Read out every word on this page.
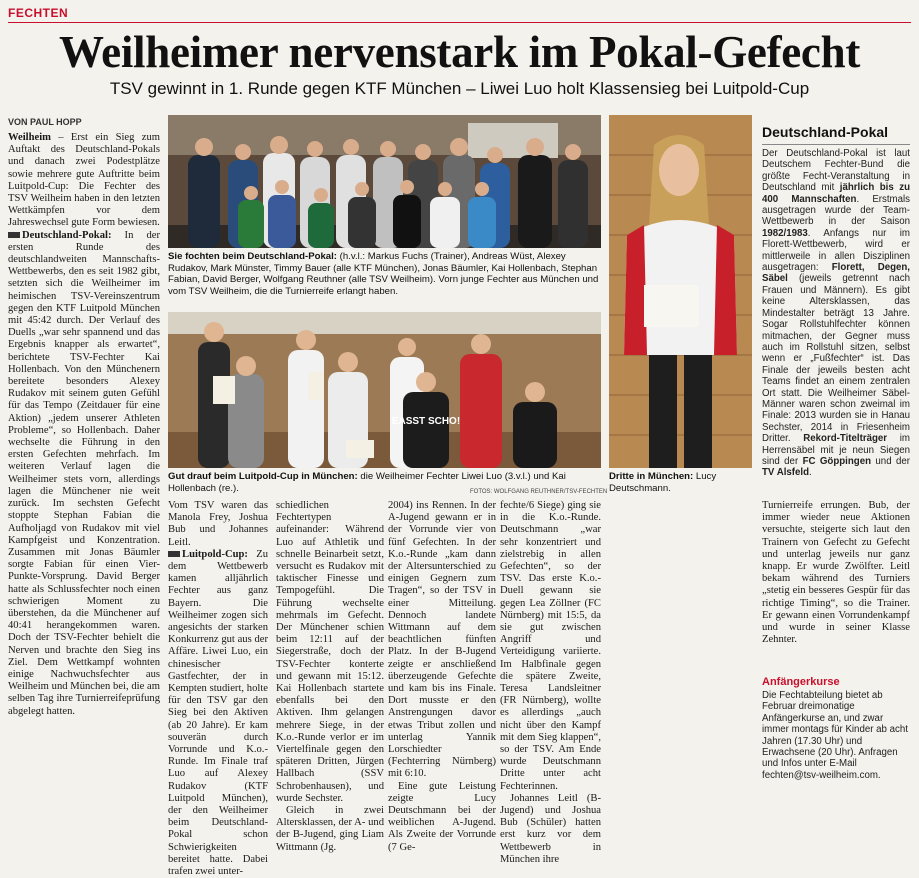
FECHTEN
Weilheimer nervenstark im Pokal-Gefecht
TSV gewinnt in 1. Runde gegen KTF München – Liwei Luo holt Klassensieg bei Luitpold-Cup
VON PAUL HOPP

Weilheim – Erst ein Sieg zum Auftakt des Deutschland-Pokals und danach zwei Podestplätze sowie mehrere gute Auftritte beim Luitpold-Cup: Die Fechter des TSV Weilheim haben in den letzten Wettkämpfen vor dem Jahreswechsel gute Form bewiesen.

Deutschland-Pokal: In der ersten Runde des deutschlandweiten Mannschafts-Wettbewerbs, den es seit 1982 gibt, setzten sich die Weilheimer im heimischen TSV-Vereinszentrum gegen den KTF Luitpold München mit 45:42 durch. Der Verlauf des Duells „war sehr spannend und das Ergebnis knapper als erwartet“, berichtete TSV-Fechter Kai Hollenbach. Von den Münchenern bereitete besonders Alexey Rudakov mit seinem guten Gefühl für das Tempo (Zeitdauer für eine Aktion) „jedem unserer Athleten Probleme“, so Hollenbach. Daher wechselte die Führung in den ersten Gefechten mehrfach. Im weiteren Verlauf lagen die Weilheimer stets vorn, allerdings lagen die Münchener nie weit zurück. Im sechsten Gefecht stoppte Stephan Fabian die Aufholjagd von Rudakov mit viel Kampfgeist und Konzentration. Zusammen mit Jonas Bäumler sorgte Fabian für einen Vier-Punkte-Vorsprung. David Berger hatte als Schlussfechter noch einen schwierigen Moment zu überstehen, da die Münchener auf 40:41 herangekommen waren. Doch der TSV-Fechter behielt die Nerven und brachte den Sieg ins Ziel. Dem Wettkampf wohnten einige Nachwuchsfechter aus Weilheim und München bei, die am selben Tag ihre Turnierreifeprüfung abgelegt hatten.

Sie fochten beim Deutschland-Pokal: (h.v.l.: Markus Fuchs (Trainer), Andreas Wüst, Alexey Rudakov, Mark Münster, Timmy Bauer (alle KTF München), Jonas Bäumler, Kai Hollenbach, Stephan Fabian, David Berger, Wolfgang Reuthner (alle TSV Weilheim). Vorn junge Fechter aus München und vom TSV Weilheim, die die Turnierreife erlangt haben.
EASST SCHO!
Gut drauf beim Luitpold-Cup in München: die Weilheimer Fechter Liwei Luo (3.v.l.) und Kai Hollenbach (re.).	FOTOS: WOLFGANG REUTHNER/TSV-FECHTEN
Dritte in München: Lucy Deutschmann.

Vom TSV waren das Manola Frey, Joshua Bub und Johannes Leitl.

Luitpold-Cup: Zu dem Wettbewerb kamen alljährlich Fechter aus ganz Bayern. Die Weilheimer zogen sich angesichts der starken Konkurrenz gut aus der Affäre. Liwei Luo, ein chinesischer Gastfechter, der in Kempten studiert, holte für den TSV gar den Sieg bei den Aktiven (ab 20 Jahre). Er kam souverän durch Vorrunde und K.o.-Runde. Im Finale traf Luo auf Alexey Rudakov (KTF Luitpold München), der den Weilheimer beim Deutschland-Pokal schon Schwierigkeiten bereitet hatte. Dabei trafen zwei unter-

schiedlichen Fechtertypen aufeinander: Während Luo auf Athletik und schnelle Beinarbeit setzt, versucht es Rudakov mit taktischer Finesse und Tempogefühl. Die Führung wechselte mehrmals im Gefecht. Der Münchener schien beim 12:11 auf der Siegerstraße, doch der TSV-Fechter konterte und gewann mit 15:12. Kai Hollenbach startete ebenfalls bei den Aktiven. Ihm gelangen mehrere Siege, in der K.o.-Runde verlor er im Viertelfinale gegen den späteren Dritten, Jürgen Hallbach (SSV Schrobenhausen), und wurde Sechster.

Gleich in zwei Altersklassen, der A- und der B-Jugend, ging Liam Wittmann (Jg.

2004) ins Rennen. In der A-Jugend gewann er in der Vorrunde vier von fünf Gefechten. In der K.o.-Runde „kam dann der Altersunterschied zu einigen Gegnern zum Tragen“, so der TSV in einer Mitteilung. Dennoch landete Wittmann auf dem beachtlichen fünften Platz. In der B-Jugend zeigte er anschließend überzeugende Gefechte und kam bis ins Finale. Dort musste er den Anstrengungen davor etwas Tribut zollen und unterlag Yannik Lorschiedter (Fechterring Nürnberg) mit 6:10.

Eine gute Leistung zeigte Lucy Deutschmann bei der weiblichen A-Jugend. Als Zweite der Vorrunde (7 Ge-

fechte/6 Siege) ging sie in die K.o.-Runde. Deutschmann „war sehr konzentriert und zielstrebig in allen Gefechten“, so der TSV. Das erste K.o.-Duell gewann sie gegen Lea Zöllner (FC Nürnberg) mit 15:5, da sie gut zwischen Angriff und Verteidigung variierte. Im Halbfinale gegen die spätere Zweite, Teresa Landsleitner (FR Nürnberg), wollte es allerdings „auch nicht über den Kampf mit dem Sieg klappen“, so der TSV. Am Ende wurde Deutschmann Dritte unter acht Fechterinnen.

Johannes Leitl (B-Jugend) und Joshua Bub (Schüler) hatten erst kurz vor dem Wettbewerb in München ihre

Turnierreife errungen. Bub, der immer wieder neue Aktionen versuchte, steigerte sich laut den Trainern von Gefecht zu Gefecht und unterlag jeweils nur ganz knapp. Er wurde Zwölfter. Leitl bekam während des Turniers „stetig ein besseres Gespür für das richtige Timing“, so die Trainer. Er gewann einen Vorrundenkampf und wurde in seiner Klasse Zehnter.

Deutschland-Pokal
Der Deutschland-Pokal ist laut Deutschem Fechter-Bund die größte Fecht-Veranstaltung in Deutschland mit jährlich bis zu 400 Mannschaften. Erstmals ausgetragen wurde der Team-Wettbewerb in der Saison 1982/1983. Anfangs nur im Florett-Wettbewerb, wird er mittlerweile in allen Disziplinen ausgetragen: Florett, Degen, Säbel (jeweils getrennt nach Frauen und Männern). Es gibt keine Altersklassen, das Mindestalter beträgt 13 Jahre. Sogar Rollstuhlfechter können mitmachen, der Gegner muss auch im Rollstuhl sitzen, selbst wenn er „Fußfechter“ ist. Das Finale der jeweils besten acht Teams findet an einem zentralen Ort statt. Die Weilheimer Säbel-Männer waren schon zweimal im Finale: 2013 wurden sie in Hanau Sechster, 2014 in Friesenheim Dritter. Rekord-Titelträger im Herrensäbel mit je neun Siegen sind der FC Göppingen und der TV Alsfeld.
Anfängerkurse
Die Fechtabteilung bietet ab Februar dreimonatige Anfängerkurse an, und zwar immer montags für Kinder ab acht Jahren (17.30 Uhr) und Erwachsene (20 Uhr). Anfragen und Infos unter E-Mail fechten@tsv-weilheim.com.
